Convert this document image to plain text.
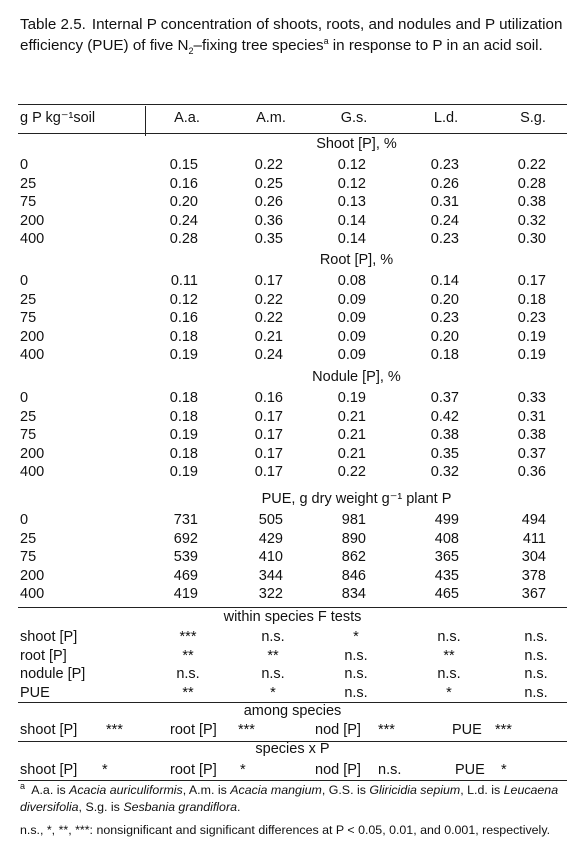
Table 2.5. Internal P concentration of shoots, roots, and nodules and P utilization efficiency (PUE) of five $N_2$–fixing tree species$^a$ in response to P in an acid soil.
g P kg⁻¹soil	A.a.	A.m.	G.s.	L.d.	S.g.
Shoot [P], %
0	0.15	0.22	0.12	0.23	0.22
25	0.16	0.25	0.12	0.26	0.28
75	0.20	0.26	0.13	0.31	0.38
200	0.24	0.36	0.14	0.24	0.32
400	0.28	0.35	0.14	0.23	0.30
Root [P], %
0	0.11	0.17	0.08	0.14	0.17
25	0.12	0.22	0.09	0.20	0.18
75	0.16	0.22	0.09	0.23	0.23
200	0.18	0.21	0.09	0.20	0.19
400	0.19	0.24	0.09	0.18	0.19
Nodule [P], %
0	0.18	0.16	0.19	0.37	0.33
25	0.18	0.17	0.21	0.42	0.31
75	0.19	0.17	0.21	0.38	0.38
200	0.18	0.17	0.21	0.35	0.37
400	0.19	0.17	0.22	0.32	0.36
PUE, g dry weight g⁻¹ plant P
0	731	505	981	499	494
25	692	429	890	408	411
75	539	410	862	365	304
200	469	344	846	435	378
400	419	322	834	465	367
within species F tests
shoot [P]	***	n.s.	*	n.s.	n.s.
root [P]	**	**	n.s.	**	n.s.
nodule [P]	n.s.	n.s.	n.s.	n.s.	n.s.
PUE	**	*	n.s.	*	n.s.
among species
shoot [P] ***	root [P] ***	nod [P] ***	PUE ***
species x P
shoot [P] *	root [P] *	nod [P] n.s.	PUE *
$^a$ A.a. is Acacia auriculiformis, A.m. is Acacia mangium, G.S. is Gliricidia sepium, L.d. is Leucaena diversifolia, S.g. is Sesbania grandiflora.
n.s., *, **, ***: nonsignificant and significant differences at P < 0.05, 0.01, and 0.001, respectively.
